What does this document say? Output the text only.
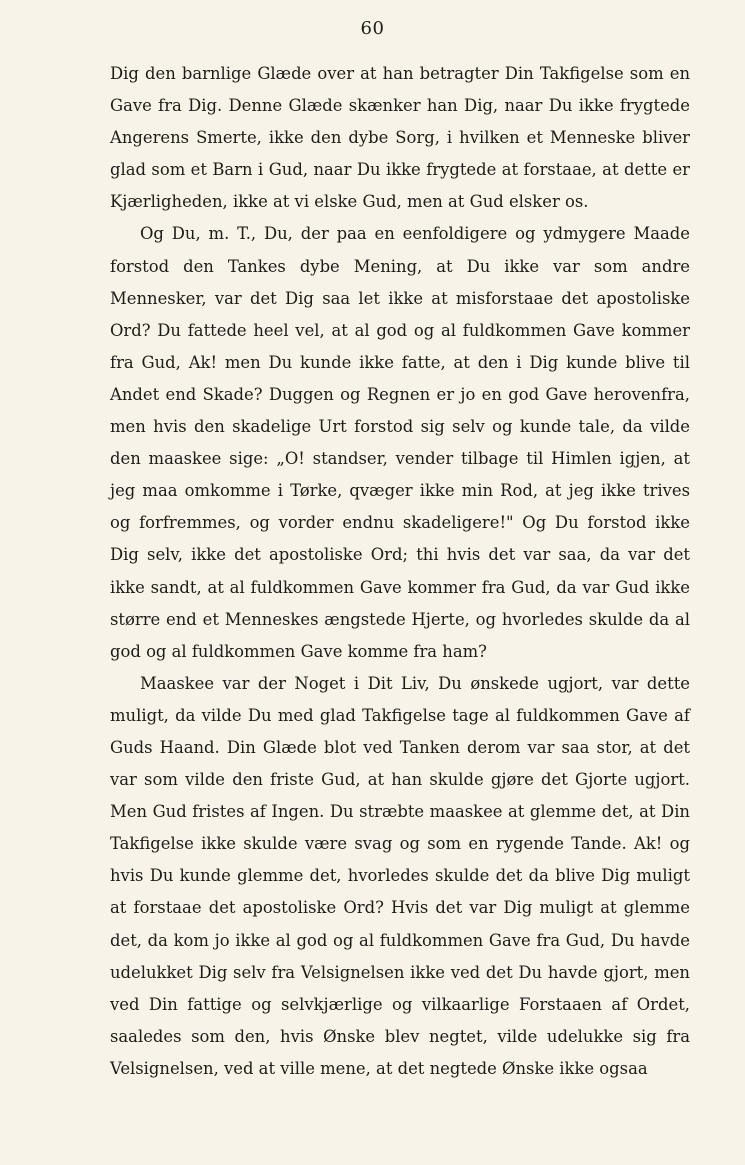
60

Dig den barnlige Glæde over at han betragter Din Takfigelse som en Gave fra Dig. Denne Glæde skænker han Dig, naar Du ikke frygtede Angerens Smerte, ikke den dybe Sorg, i hvilken et Menneske bliver glad som et Barn i Gud, naar Du ikke frygtede at forstaae, at dette er Kjærligheden, ikke at vi elske Gud, men at Gud elsker os.

Og Du, m. T., Du, der paa en eenfoldigere og ydmygere Maade forstod den Tankes dybe Mening, at Du ikke var som andre Mennesker, var det Dig saa let ikke at misforstaae det apostoliske Ord? Du fattede heel vel, at al god og al fuldkommen Gave kommer fra Gud, Ak! men Du kunde ikke fatte, at den i Dig kunde blive til Andet end Skade? Duggen og Regnen er jo en god Gave herovenfra, men hvis den skadelige Urt forstod sig selv og kunde tale, da vilde den maaskee sige: „O! standser, vender tilbage til Himlen igjen, at jeg maa omkomme i Tørke, qvæger ikke min Rod, at jeg ikke trives og forfremmes, og vorder endnu skadeligere!" Og Du forstod ikke Dig selv, ikke det apostoliske Ord; thi hvis det var saa, da var det ikke sandt, at al fuldkommen Gave kommer fra Gud, da var Gud ikke større end et Menneskes ængstede Hjerte, og hvorledes skulde da al god og al fuldkommen Gave komme fra ham?

Maaskee var der Noget i Dit Liv, Du ønskede ugjort, var dette muligt, da vilde Du med glad Takfigelse tage al fuldkommen Gave af Guds Haand. Din Glæde blot ved Tanken derom var saa stor, at det var som vilde den friste Gud, at han skulde gjøre det Gjorte ugjort. Men Gud fristes af Ingen. Du stræbte maaskee at glemme det, at Din Takfigelse ikke skulde være svag og som en rygende Tande. Ak! og hvis Du kunde glemme det, hvorledes skulde det da blive Dig muligt at forstaae det apostoliske Ord? Hvis det var Dig muligt at glemme det, da kom jo ikke al god og al fuldkommen Gave fra Gud, Du havde udelukket Dig selv fra Velsignelsen ikke ved det Du havde gjort, men ved Din fattige og selvkjærlige og vilkaarlige Forstaaen af Ordet, saaledes som den, hvis Ønske blev negtet, vilde udelukke sig fra Velsignelsen, ved at ville mene, at det negtede Ønske ikke ogsaa
